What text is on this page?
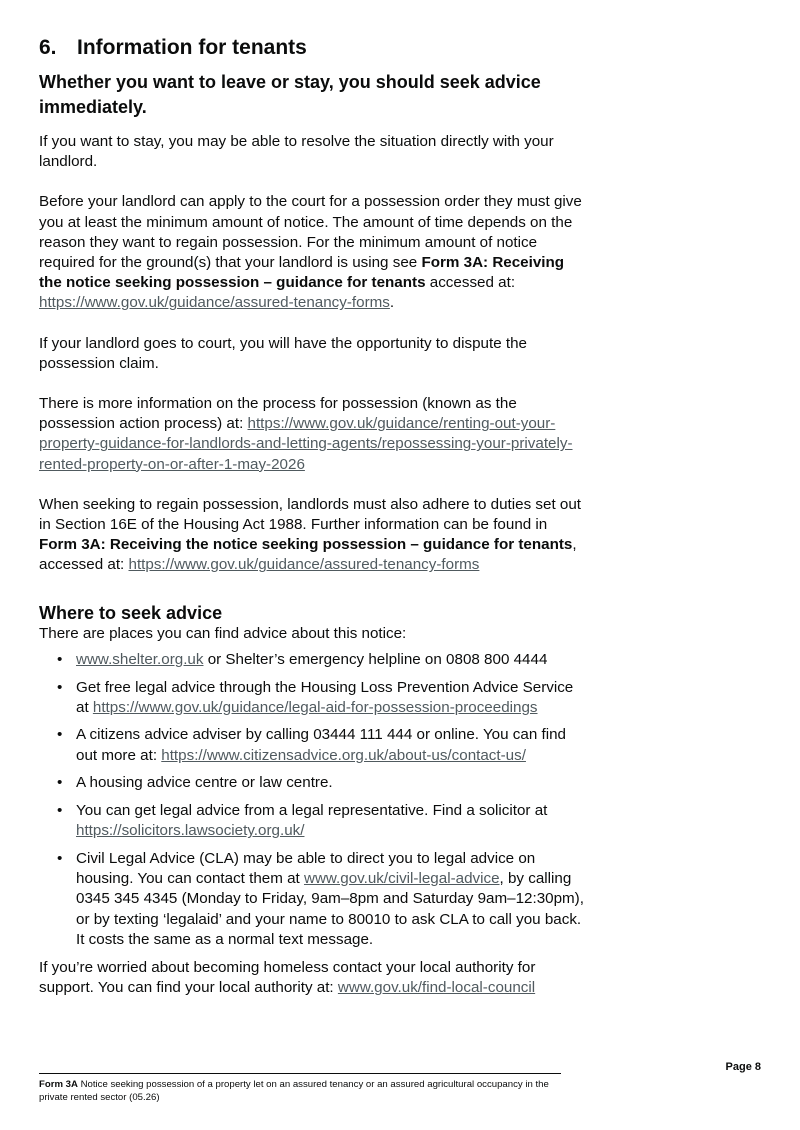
6. Information for tenants
Whether you want to leave or stay, you should seek advice immediately.

If you want to stay, you may be able to resolve the situation directly with your landlord.

Before your landlord can apply to the court for a possession order they must give you at least the minimum amount of notice. The amount of time depends on the reason they want to regain possession. For the minimum amount of notice required for the ground(s) that your landlord is using see Form 3A: Receiving the notice seeking possession – guidance for tenants accessed at: https://www.gov.uk/guidance/assured-tenancy-forms.

If your landlord goes to court, you will have the opportunity to dispute the possession claim.

There is more information on the process for possession (known as the possession action process) at: https://www.gov.uk/guidance/renting-out-your-property-guidance-for-landlords-and-letting-agents/repossessing-your-privately-rented-property-on-or-after-1-may-2026

When seeking to regain possession, landlords must also adhere to duties set out in Section 16E of the Housing Act 1988. Further information can be found in Form 3A: Receiving the notice seeking possession – guidance for tenants, accessed at: https://www.gov.uk/guidance/assured-tenancy-forms

Where to seek advice

There are places you can find advice about this notice:

• www.shelter.org.uk or Shelter’s emergency helpline on 0808 800 4444
• Get free legal advice through the Housing Loss Prevention Advice Service at https://www.gov.uk/guidance/legal-aid-for-possession-proceedings
• A citizens advice adviser by calling 03444 111 444 or online. You can find out more at: https://www.citizensadvice.org.uk/about-us/contact-us/
• A housing advice centre or law centre.
• You can get legal advice from a legal representative. Find a solicitor at https://solicitors.lawsociety.org.uk/
• Civil Legal Advice (CLA) may be able to direct you to legal advice on housing. You can contact them at www.gov.uk/civil-legal-advice, by calling 0345 345 4345 (Monday to Friday, 9am–8pm and Saturday 9am–12:30pm), or by texting ‘legalaid’ and your name to 80010 to ask CLA to call you back. It costs the same as a normal text message.

If you’re worried about becoming homeless contact your local authority for support. You can find your local authority at: www.gov.uk/find-local-council

Page 8
Form 3A Notice seeking possession of a property let on an assured tenancy or an assured agricultural occupancy in the private rented sector (05.26)
